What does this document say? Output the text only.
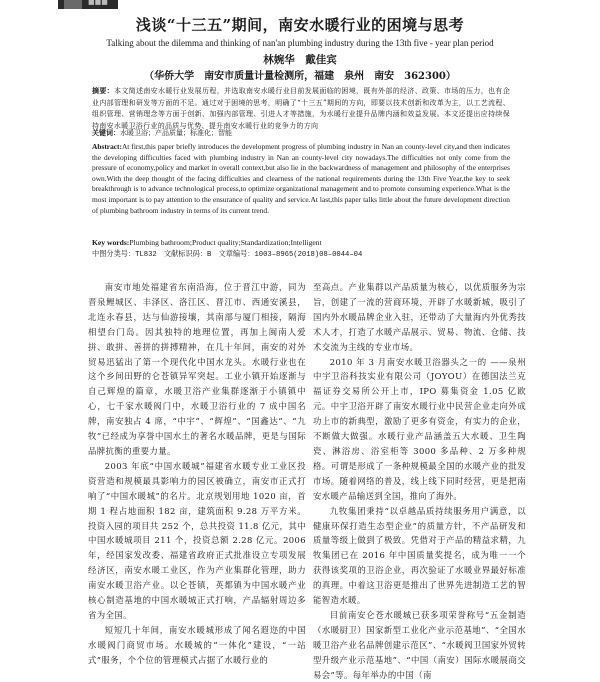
■■■
浅谈“十三五”期间，南安水暖行业的困境与思考
Talking about the dilemma and thinking of nan'an plumbing industry during the 13th five - year plan period
林婉华　戴佳宾
（华侨大学　南安市质量计量检测所，福建　泉州　南安　362300）
摘要：本文简述南安水暖行业发展历程，并选取南安水暖行业目前发展面临的困境，既有外部的经济、政策、市场的压力，也有企业内部管理和研发等方面的不足。通过对于困境的思考，明确了“十三五”期间的方向，即要以技术创新和改革为主，以工艺流程、组织管理、营销理念等方面于创新、加强内部管理、引进人才等措施，为水暖行业提升品牌内涵和效益发展。本文还提出应持续保持南安水暖卫浴行业的品质与优势、提升南安水暖行业的竞争力的方向
关键词：水暖卫浴；产品质量；标准化；智能
Abstract:At first,this paper briefly introduces the development progress of plumbing industry in Nan an county-level city,and then indicates the developing difficulties faced with plumbing industry in Nan an county-level city nowadays.The difficulties not only come from the pressure of economy,policy and market in overall context,but also lie in the backwardness of management and philosophy of the enterprises own.With the deep thought of the facing difficulties and clearness of the national requirements during the 13th Five Year,the key to seek breakthrough is to advance technological process,to optimize organizational management and to promote consuming experience.What is the most important is to pay attention to the ensurance of quality and service.At last,this paper talks little about the future development direction of plumbing bathroom industry in terms of its current trend.
Key words:Plumbing bathroom;Product quality;Standardization;Intelligent
中图分类号：TL832　文献标识码：B　文章编号：1003–8965(2018)08–0044–04

南安市地处福建省东南沿海，位于晋江中游，同为晋泉鲤城区、丰泽区、洛江区、晋江市、西通安溪县，北连永春县，达与仙游接壤，其南部与厦门相接，隔海相望台门岛。因其独特的地理位置，再加上闽南人爱拼、敢拼、善拼的拼搏精神，在几十年间，南安的对外贸易迅猛出了第一个现代化中国水龙头。水暖行业也在这个乡间田野的仑苍镇异军突起。工业小镇开始逐渐与自己辉煌的篇章，水暖卫浴产业集群逐渐于小镇镇中心，七千家水暖阀门中，水暖卫浴行业的 7 成中国名牌，南安独占 4 席，“中宇”、“辉煌”、“国鑫达”、“九牧”已经成为享誉中国水土的著名水暖品牌，更是与国际品牌抗衡的重要力量。

2003 年底“中国水暖城”福建省水暖专业工业区投资营造和规模最具影响力的园区被确立，南安市正式打响了“中国水暖城”的名片。北京规划用地 1020 亩，首期 1 程占地面积 182 亩，建筑面积 9.28 万平方米。投资入园的项目共 252 个，总共投资 11.8 亿元，其中中国水暖城项目 211 个，投资总额 2.28 亿元。2006 年，经国家发改委、福建省政府正式批准设立专项发展经济区，南安水暖工业区，作为产业集群化管理，助力南安水暖卫浴产业。以仑苍镇，英都镇为中国水暖产业核心制造基地的中国水暖城正式打响，产品辐射周边多省为全国。

短短几十年间，南安水暖城形成了闻名遐迩的中国水暖阀门商贸市场。水暖城的“一体化”建设，“一站式”服务，个个位的管理模式占据了水暖行业的

至高点。产业集群以产品质量为核心，以优质服务为宗旨，创建了一流的营商环境，开辟了水暖新城，吸引了国内外水暖品牌企业入驻，还带动了大量海内外优秀技术人才，打造了水暖产品展示、贸易、物流、仓储、技术交流为主线的专业市场。

2010 年 3 月南安水暖卫浴器头之一的 ——泉州中宇卫浴科技实业有限公司（JOYOU）在德国法兰克福证券交易所公开上市，IPO 募集资金 1.05 亿欧元。中宇卫浴开辟了南安水暖行业中民营企业走向外成功上市的新典型，激励了更多有资金，有实力的企业，不断做大做强。水暖行业产品涵盖五大水暖、卫生陶瓷、淋浴房、浴室柜等 3000 多品种、2 万多种规格。可谓是形成了一条种规模最全国的水暖产业的批发市场。随着网络的普及，线上线下同时经营，更是把南安水暖产品输送到全国，推向了海外。

九牧集团秉持“以卓越品质持续服务用户满意，以健康环保打造生态型企业”的质量方针，不产品研发和质量等级上做到了极致。凭借对于产品的精益求精，九牧集团已在 2016 年中国质量奖提名，成为唯一一个获得该奖项的卫浴企业，再次验证了水暖业界最好标准的真理。中着这卫浴更是推出了世界先进制造工艺的智能智造水暖。

目前南安仑苍水暖城已获多项荣誉称号“五金制造（水暖厨卫）国家新型工业化产业示范基地”、“全国水暖卫浴产业名品牌创建示范区”、“水暖阀卫国家外贸转型升级产业示范基地”、“中国（南安）国际水暖展商交易会”等。每年举办的中国（南
